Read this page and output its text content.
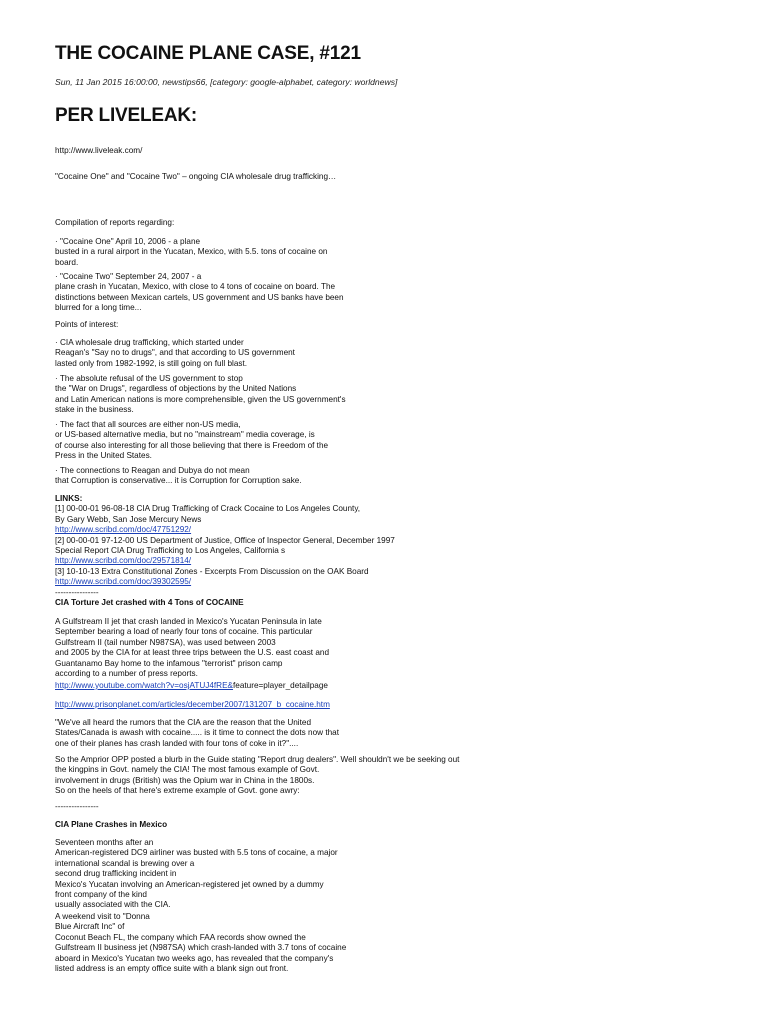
THE COCAINE PLANE CASE, #121
Sun, 11 Jan 2015 16:00:00, newstips66, [category: google-alphabet, category: worldnews]
PER LIVELEAK:
http://www.liveleak.com/
"Cocaine One" and "Cocaine Two" – ongoing CIA wholesale drug trafficking…
Compilation of reports regarding:
· "Cocaine One" April 10, 2006 - a plane
busted in a rural airport in the Yucatan, Mexico, with 5.5. tons of cocaine on
board.
· "Cocaine Two" September 24, 2007 - a
plane crash in Yucatan, Mexico, with close to 4 tons of cocaine on board. The
distinctions between Mexican cartels, US government and US banks have been
blurred for a long time...
Points of interest:
· CIA wholesale drug trafficking, which started under
Reagan's "Say no to drugs", and that according to US government
lasted only from 1982-1992, is still going on full blast.
· The absolute refusal of the US government to stop
the "War on Drugs", regardless of objections by the United Nations
and Latin American nations is more comprehensible, given the US government's
stake in the business.
· The fact that all sources are either non-US media,
or US-based alternative media, but no "mainstream" media coverage, is
of course also interesting for all those believing that there is Freedom of the
Press in the United States.
· The connections to Reagan and Dubya do not mean
that Corruption is conservative... it is Corruption for Corruption sake.
LINKS:
[1] 00-00-01 96-08-18 CIA Drug Trafficking of Crack Cocaine to Los Angeles County,
By Gary Webb, San Jose Mercury News
http://www.scribd.com/doc/47751292/
[2] 00-00-01 97-12-00 US Department of Justice, Office of Inspector General, December 1997
Special Report CIA Drug Trafficking to Los Angeles, California s
http://www.scribd.com/doc/29571814/
[3] 10-10-13 Extra Constitutional Zones - Excerpts From Discussion on the OAK Board
http://www.scribd.com/doc/39302595/
----------------
CIA Torture Jet crashed with 4 Tons of COCAINE
A Gulfstream II jet that crash landed in Mexico's Yucatan Peninsula in late
September bearing a load of nearly four tons of cocaine. This particular
Gulfstream II (tail number N987SA), was used between 2003
and 2005 by the CIA for at least three trips between the U.S. east coast and
Guantanamo Bay home to the infamous "terrorist" prison camp
according to a number of press reports.
http://www.youtube.com/watch?v=osjATUJ4fRE&feature=player_detailpage
http://www.prisonplanet.com/articles/december2007/131207_b_cocaine.htm
"We've all heard the rumors that the CIA are the reason that the United
States/Canada is awash with cocaine..... is it time to connect the dots now that
one of their planes has crash landed with four tons of coke in it?"....
So the Amprior OPP posted a blurb in the Guide stating "Report drug dealers". Well shouldn't we be seeking out
the kingpins in Govt. namely the CIA! The most famous example of Govt.
involvement in drugs (British) was the Opium war in China in the 1800s.
So on the heels of that here's extreme example of Govt. gone awry:
----------------
CIA Plane Crashes in Mexico
Seventeen months after an
American-registered DC9 airliner was busted with 5.5 tons of cocaine, a major
international scandal is brewing over a
second drug trafficking incident in
Mexico's Yucatan involving an American-registered jet owned by a dummy
front company of the kind
usually associated with the CIA.
A weekend visit to "Donna
Blue Aircraft Inc" of
Coconut Beach FL, the company which FAA records show owned the
Gulfstream II business jet (N987SA) which crash-landed with 3.7 tons of cocaine
aboard in Mexico's Yucatan two weeks ago, has revealed that the company's
listed address is an empty office suite with a blank sign out front.
